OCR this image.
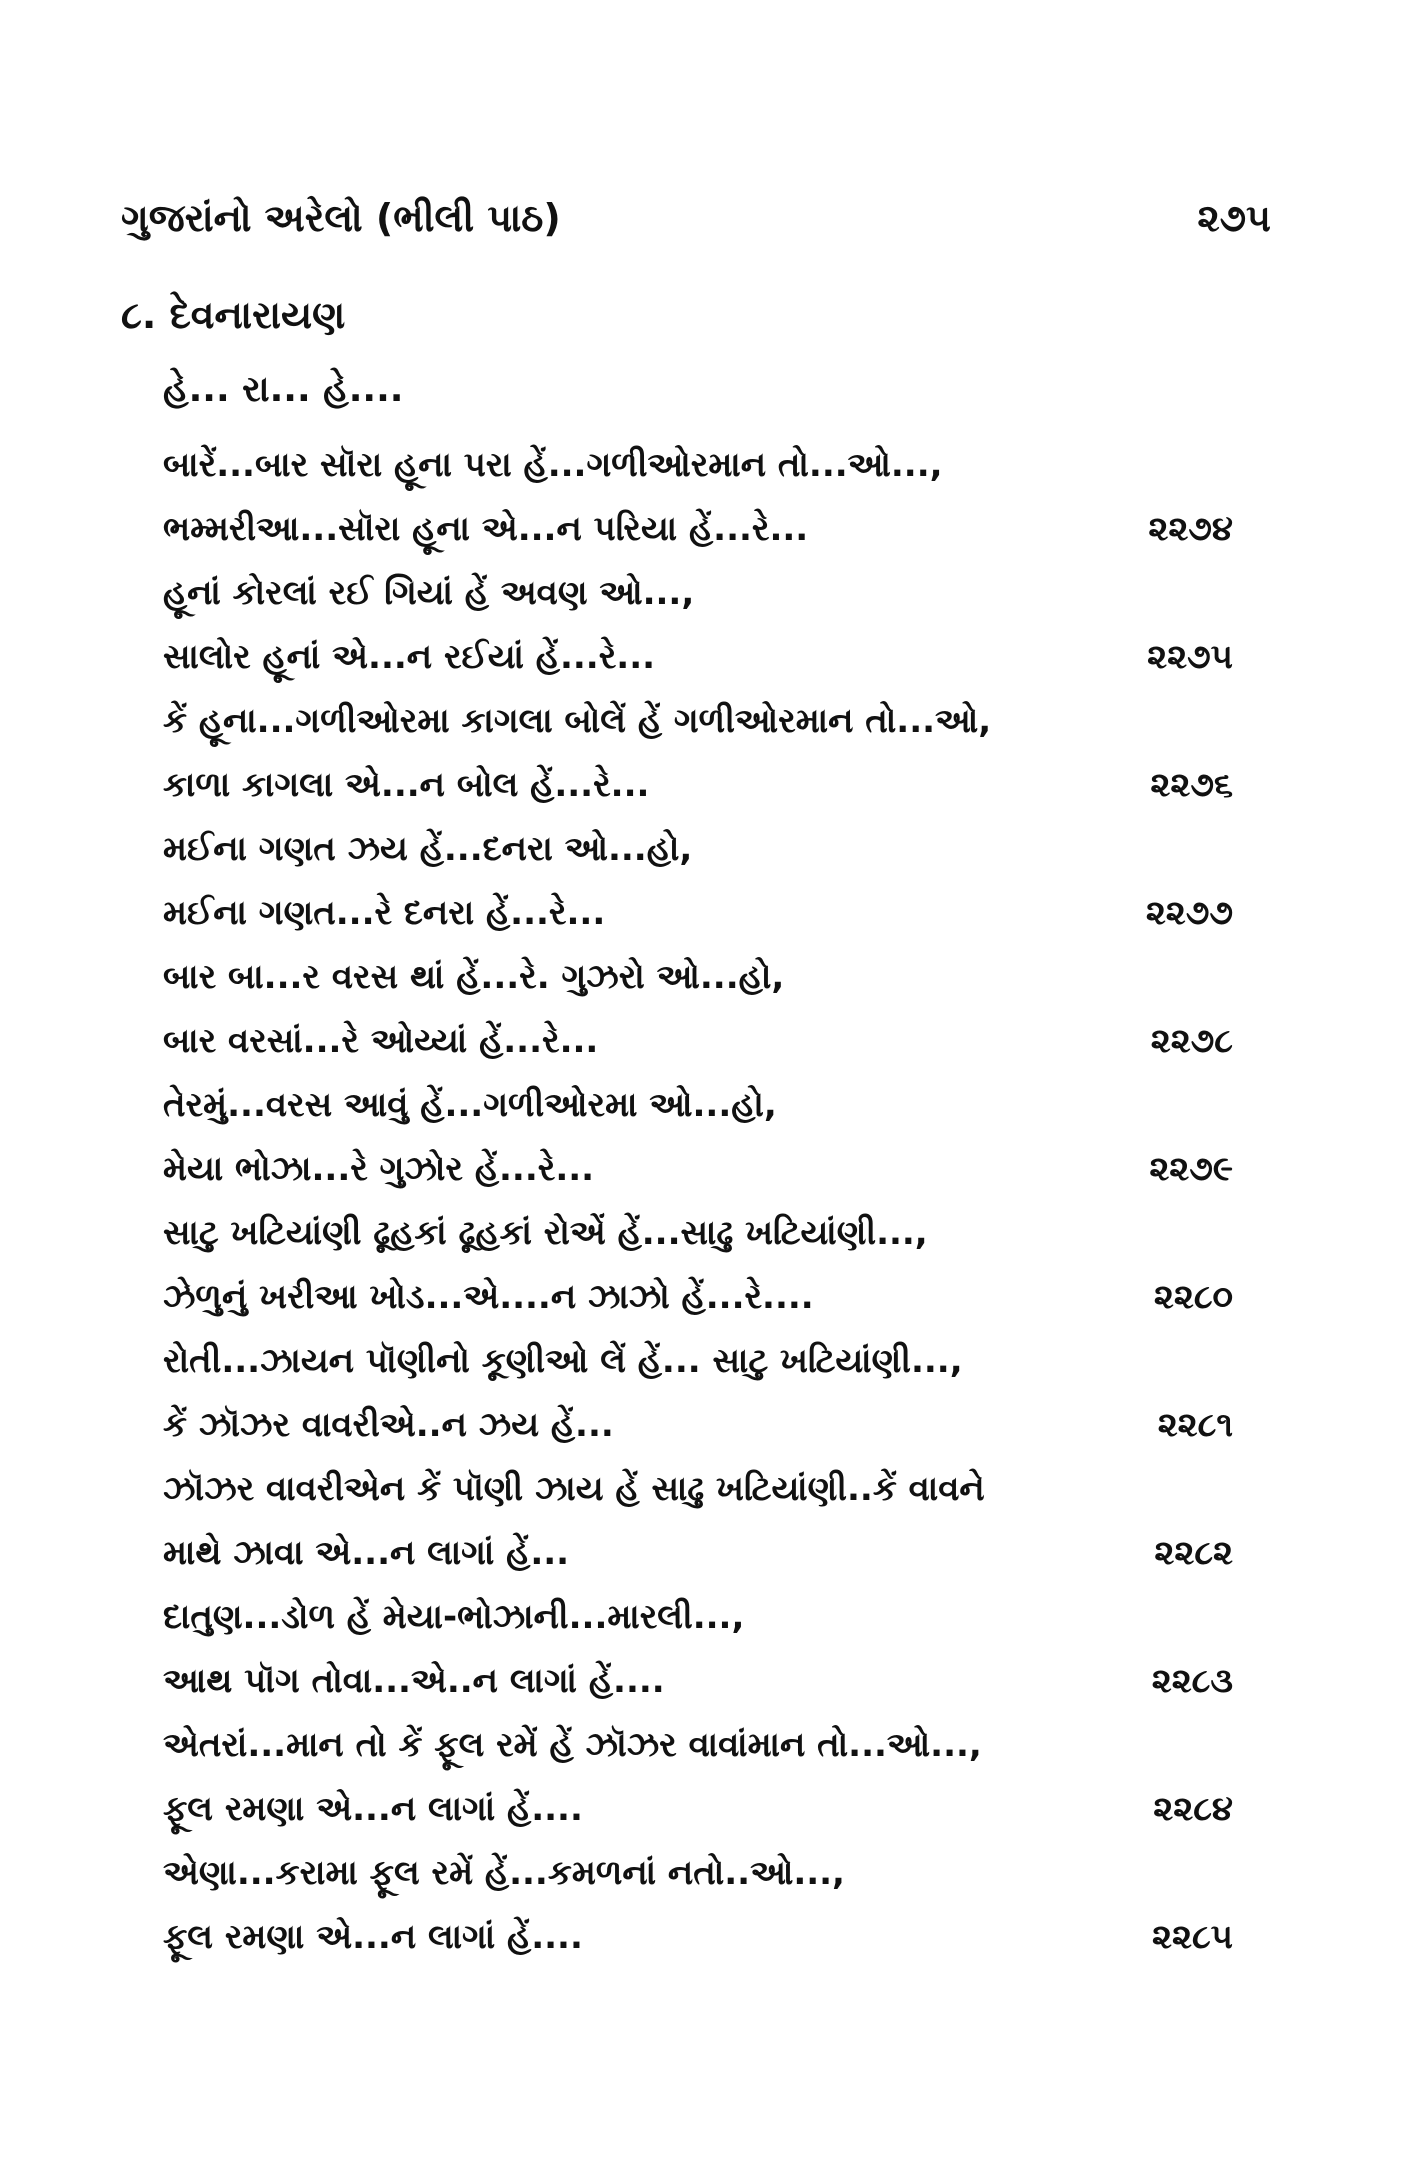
ગુજરાંનો અરેલો (ભીલી પાઠ)	૨૭૫
૮. દેવનારાયણ
હે... રા... હે....
બારેં...બાર સૉરા હૂના પરા હેં...ગળીઓરમાન તો...ઓ...,
ભમ્મરીઆ...સૉરા હૂના એ...ન પરિયા હેં...રે...	૨૨૭૪
હૂનાં કોરલાં રઈ ગિયાં હેં અવણ ઓ...,
સાલોર હૂનાં એ...ન રઈયાં હેં...રે...	૨૨૭૫
કેં હૂના...ગળીઓરમા કાગલા બોલેં હેં ગળીઓરમાન તો...ઓ,
કાળા કાગલા એ...ન બોલ હેં...રે...	૨૨૭૬
મઈના ગણત ઝય હેં...દનરા ઓ...હો,
મઈના ગણત...રે દનરા હેં...રે...	૨૨૭૭
બાર બા...ર વરસ થાં હેં...રે. ગુઝરો ઓ...હો,
બાર વરસાં...રે ઓય્યાં હેં...રે...	૨૨૭૮
તેરમું...વરસ આવું હેં...ગળીઓરમા ઓ...હો,
મેયા ભોઝા...રે ગુઝોર હેં...રે...	૨૨૭૯
સાટુ ખટિયાંણી ઢૂહકાં ઢૂહકાં રોએં હેં...સાઢુ ખટિયાંણી...,
ઝેળુનું ખરીઆ ખોડ...એ....ન ઝાઝો હેં...રે....	૨૨૮૦
રોતી...ઝાયન પૉણીનો કૂણીઓ લેં હેં... સાટુ ખટિયાંણી...,
કેં ઝૉઝર વાવરીએ..ન ઝય હેં...	૨૨૮૧
ઝૉઝર વાવરીએન કેં પૉણી ઝાય હેં સાઢુ ખટિયાંણી..કેં વાવને
માથે ઝાવા એ...ન લાગાં હેં...	૨૨૮૨
દાતુણ...ડોળ હેં મેયા-ભોઝાની...મારલી...,
આથ પૉગ તોવા...એ..ન લાગાં હેં....	૨૨૮૩
એતરાં...માન તો કેં ફૂલ રમેં હેં ઝૉઝર વાવાંમાન તો...ઓ...,
ફૂલ રમણા એ...ન લાગાં હેં....	૨૨૮૪
એણા...કરામા ફૂલ રમેં હેં...કમળનાં નતો..ઓ...,
ફૂલ રમણા એ...ન લાગાં હેં....	૨૨૮૫
